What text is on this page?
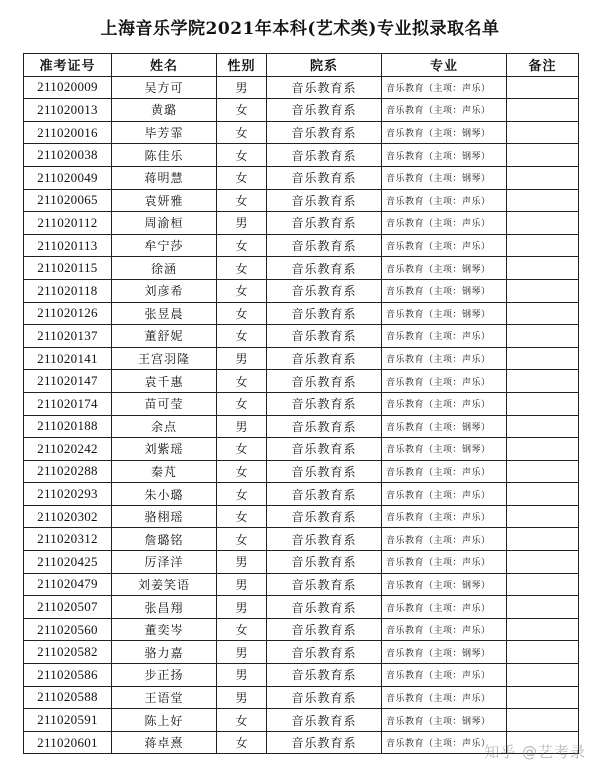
上海音乐学院2021年本科(艺术类)专业拟录取名单
准考证号	姓名	性别	院系	专业	备注
211020009	吴方可	男	音乐教育系	音乐教育（主项：声乐）	
211020013	黄璐	女	音乐教育系	音乐教育（主项：声乐）	
211020016	毕芳霏	女	音乐教育系	音乐教育（主项：钢琴）	
211020038	陈佳乐	女	音乐教育系	音乐教育（主项：钢琴）	
211020049	蒋明慧	女	音乐教育系	音乐教育（主项：钢琴）	
211020065	袁妍雅	女	音乐教育系	音乐教育（主项：声乐）	
211020112	周渝桓	男	音乐教育系	音乐教育（主项：声乐）	
211020113	牟宁莎	女	音乐教育系	音乐教育（主项：声乐）	
211020115	徐涵	女	音乐教育系	音乐教育（主项：钢琴）	
211020118	刘彦希	女	音乐教育系	音乐教育（主项：钢琴）	
211020126	张昱晨	女	音乐教育系	音乐教育（主项：钢琴）	
211020137	董舒妮	女	音乐教育系	音乐教育（主项：声乐）	
211020141	王宫羽隆	男	音乐教育系	音乐教育（主项：声乐）	
211020147	袁千惠	女	音乐教育系	音乐教育（主项：声乐）	
211020174	苗可莹	女	音乐教育系	音乐教育（主项：声乐）	
211020188	余点	男	音乐教育系	音乐教育（主项：钢琴）	
211020242	刘紫瑶	女	音乐教育系	音乐教育（主项：钢琴）	
211020288	秦芃	女	音乐教育系	音乐教育（主项：声乐）	
211020293	朱小璐	女	音乐教育系	音乐教育（主项：声乐）	
211020302	骆栩瑶	女	音乐教育系	音乐教育（主项：声乐）	
211020312	詹璐铭	女	音乐教育系	音乐教育（主项：声乐）	
211020425	厉泽洋	男	音乐教育系	音乐教育（主项：声乐）	
211020479	刘姜笑语	男	音乐教育系	音乐教育（主项：钢琴）	
211020507	张昌翔	男	音乐教育系	音乐教育（主项：声乐）	
211020560	董奕岑	女	音乐教育系	音乐教育（主项：声乐）	
211020582	骆力嘉	男	音乐教育系	音乐教育（主项：钢琴）	
211020586	步正扬	男	音乐教育系	音乐教育（主项：声乐）	
211020588	王语堂	男	音乐教育系	音乐教育（主项：声乐）	
211020591	陈上好	女	音乐教育系	音乐教育（主项：钢琴）	
211020601	蒋卓熹	女	音乐教育系	音乐教育（主项：声乐）	
知乎 @艺考录
